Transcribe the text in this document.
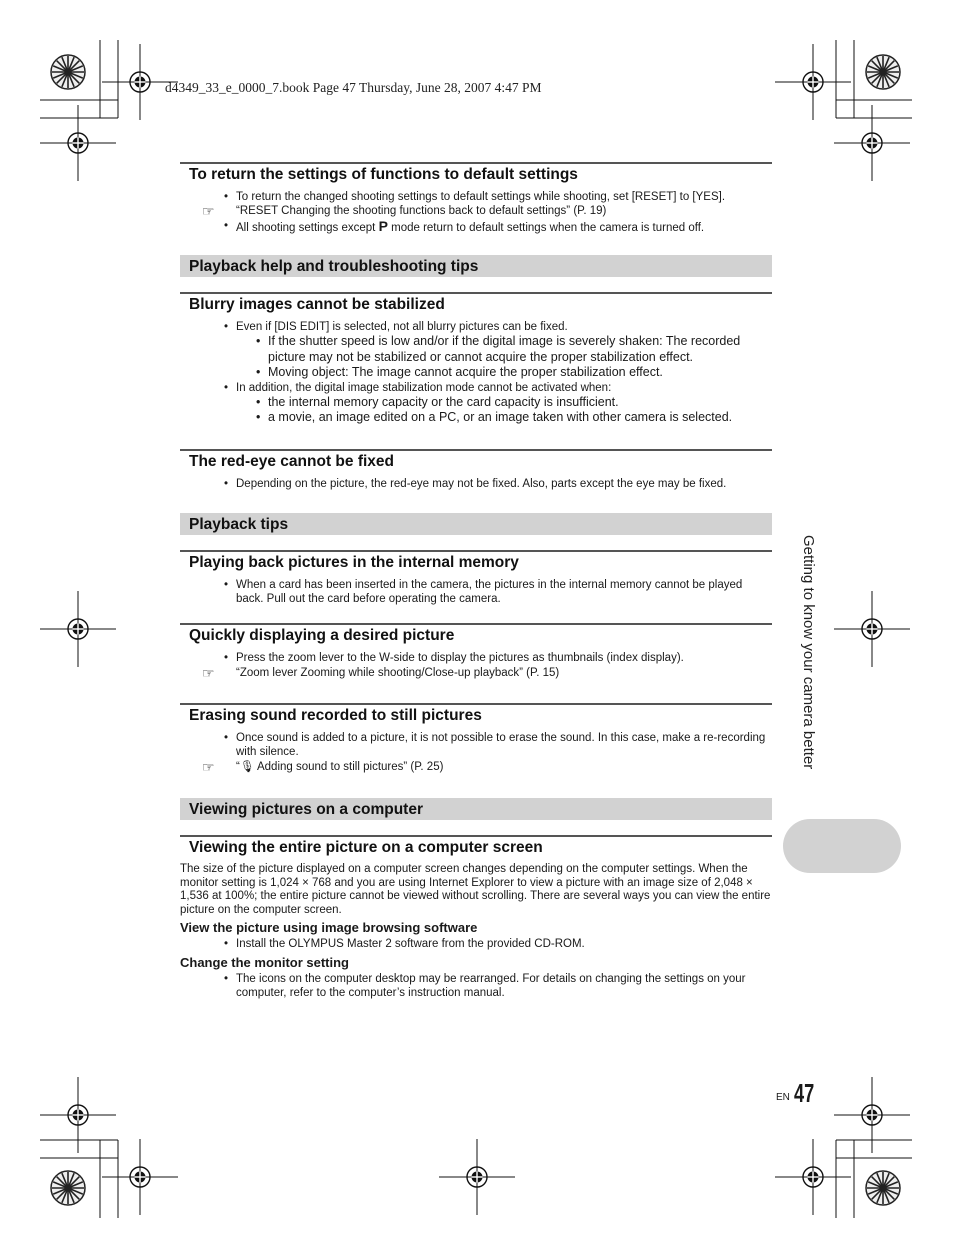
d4349_33_e_0000_7.book Page 47 Thursday, June 28, 2007 4:47 PM
To return the settings of functions to default settings
• To return the changed shooting settings to default settings while shooting, set [RESET] to [YES].
☞ “RESET Changing the shooting functions back to default settings” (P. 19)
• All shooting settings except P mode return to default settings when the camera is turned off.
Playback help and troubleshooting tips
Blurry images cannot be stabilized
• Even if [DIS EDIT] is selected, not all blurry pictures can be fixed.
• If the shutter speed is low and/or if the digital image is severely shaken: The recorded picture may not be stabilized or cannot acquire the proper stabilization effect.
• Moving object: The image cannot acquire the proper stabilization effect.
• In addition, the digital image stabilization mode cannot be activated when:
• the internal memory capacity or the card capacity is insufficient.
• a movie, an image edited on a PC, or an image taken with other camera is selected.
The red-eye cannot be fixed
• Depending on the picture, the red-eye may not be fixed. Also, parts except the eye may be fixed.
Playback tips
Playing back pictures in the internal memory
• When a card has been inserted in the camera, the pictures in the internal memory cannot be played back. Pull out the card before operating the camera.
Quickly displaying a desired picture
• Press the zoom lever to the W-side to display the pictures as thumbnails (index display).
☞ “Zoom lever Zooming while shooting/Close-up playback” (P. 15)
Erasing sound recorded to still pictures
• Once sound is added to a picture, it is not possible to erase the sound. In this case, make a re-recording with silence.
☞ “🎙 Adding sound to still pictures” (P. 25)
Viewing pictures on a computer
Viewing the entire picture on a computer screen
The size of the picture displayed on a computer screen changes depending on the computer settings. When the monitor setting is 1,024 × 768 and you are using Internet Explorer to view a picture with an image size of 2,048 × 1,536 at 100%; the entire picture cannot be viewed without scrolling. There are several ways you can view the entire picture on the computer screen.
View the picture using image browsing software
• Install the OLYMPUS Master 2 software from the provided CD-ROM.
Change the monitor setting
• The icons on the computer desktop may be rearranged. For details on changing the settings on your computer, refer to the computer’s instruction manual.
Getting to know your camera better
EN 47
